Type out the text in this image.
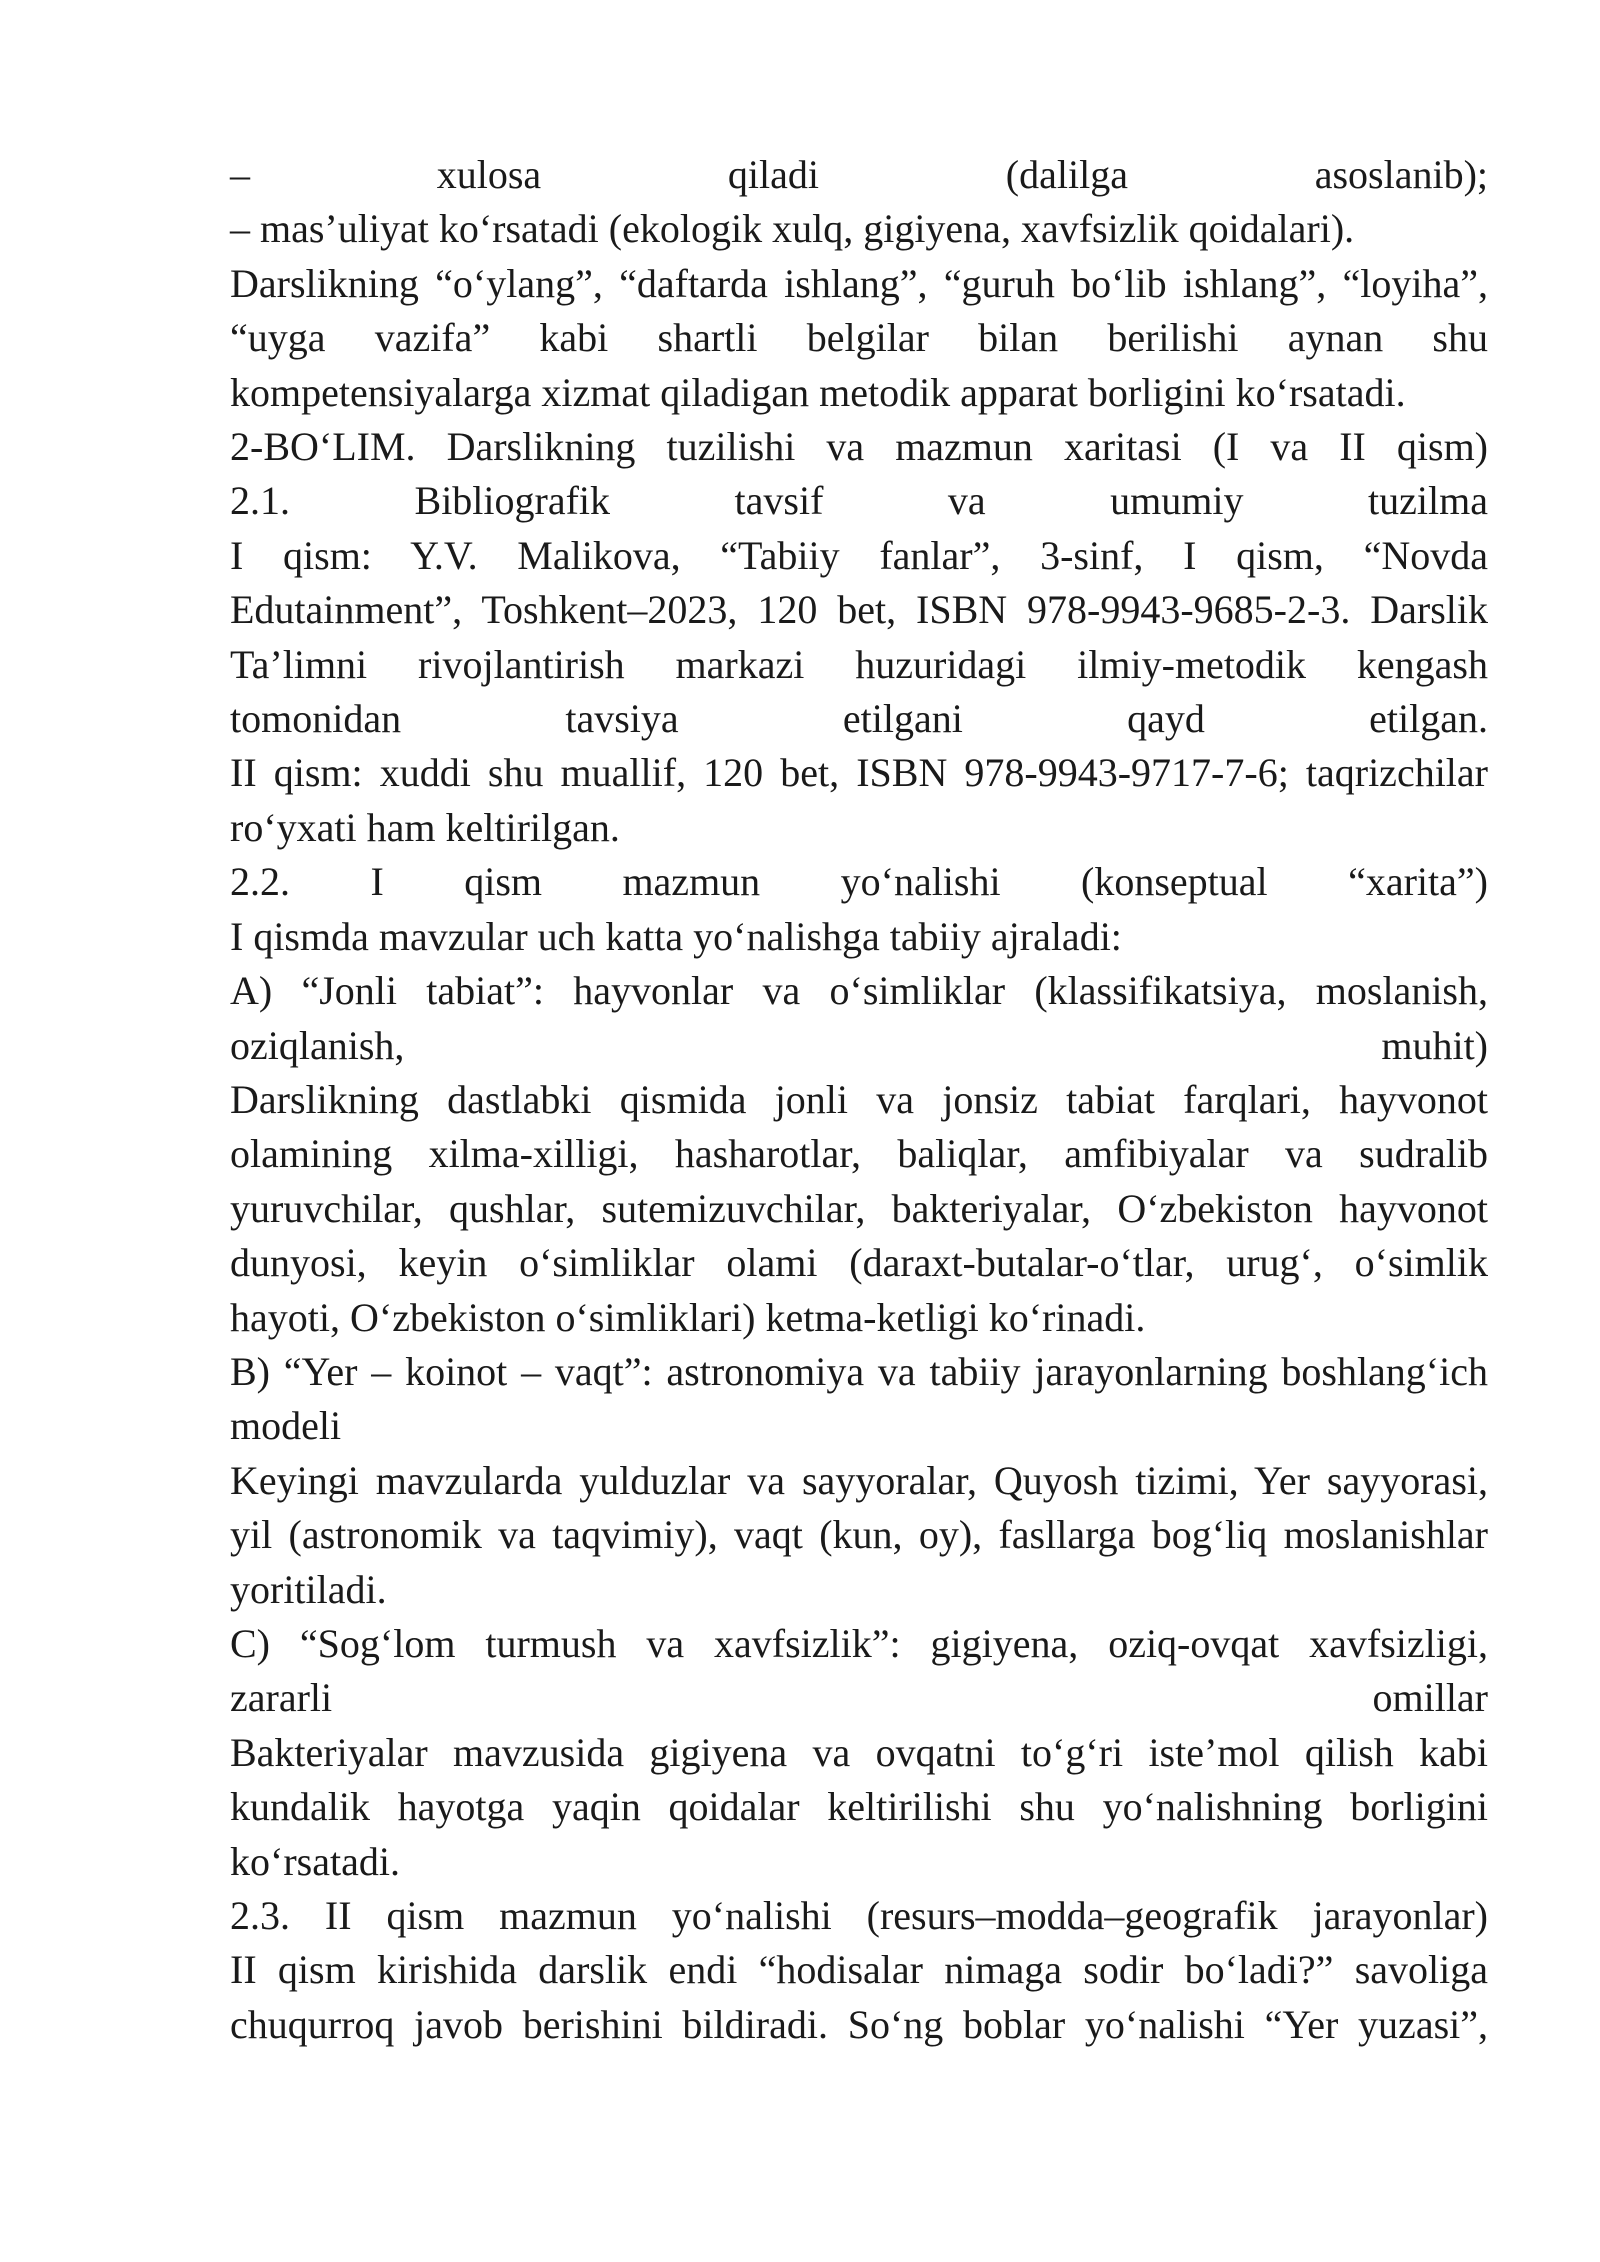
– xulosa qiladi (dalilga asoslanib);
– mas’uliyat ko‘rsatadi (ekologik xulq, gigiyena, xavfsizlik qoidalari).
Darslikning “o‘ylang”, “daftarda ishlang”, “guruh bo‘lib ishlang”, “loyiha”,
“uyga vazifa” kabi shartli belgilar bilan berilishi aynan shu
kompetensiyalarga xizmat qiladigan metodik apparat borligini ko‘rsatadi.
2-BO‘LIM. Darslikning tuzilishi va mazmun xaritasi (I va II qism)
2.1. Bibliografik tavsif va umumiy tuzilma
I qism: Y.V. Malikova, “Tabiiy fanlar”, 3-sinf, I qism, “Novda
Edutainment”, Toshkent–2023, 120 bet, ISBN 978-9943-9685-2-3. Darslik
Ta’limni rivojlantirish markazi huzuridagi ilmiy-metodik kengash
tomonidan tavsiya etilgani qayd etilgan.
II qism: xuddi shu muallif, 120 bet, ISBN 978-9943-9717-7-6; taqrizchilar
ro‘yxati ham keltirilgan.
2.2. I qism mazmun yo‘nalishi (konseptual “xarita”)
I qismda mavzular uch katta yo‘nalishga tabiiy ajraladi:
A) “Jonli tabiat”: hayvonlar va o‘simliklar (klassifikatsiya, moslanish,
oziqlanish, muhit)
Darslikning dastlabki qismida jonli va jonsiz tabiat farqlari, hayvonot
olamining xilma-xilligi, hasharotlar, baliqlar, amfibiyalar va sudralib
yuruvchilar, qushlar, sutemizuvchilar, bakteriyalar, O‘zbekiston hayvonot
dunyosi, keyin o‘simliklar olami (daraxt-butalar-o‘tlar, urug‘, o‘simlik
hayoti, O‘zbekiston o‘simliklari) ketma-ketligi ko‘rinadi.
B) “Yer – koinot – vaqt”: astronomiya va tabiiy jarayonlarning boshlang‘ich
modeli
Keyingi mavzularda yulduzlar va sayyoralar, Quyosh tizimi, Yer sayyorasi,
yil (astronomik va taqvimiy), vaqt (kun, oy), fasllarga bog‘liq moslanishlar
yoritiladi.
C) “Sog‘lom turmush va xavfsizlik”: gigiyena, oziq-ovqat xavfsizligi,
zararli omillar
Bakteriyalar mavzusida gigiyena va ovqatni to‘g‘ri iste’mol qilish kabi
kundalik hayotga yaqin qoidalar keltirilishi shu yo‘nalishning borligini
ko‘rsatadi.
2.3. II qism mazmun yo‘nalishi (resurs–modda–geografik jarayonlar)
II qism kirishida darslik endi “hodisalar nimaga sodir bo‘ladi?” savoliga
chuqurroq javob berishini bildiradi. So‘ng boblar yo‘nalishi “Yer yuzasi”,
